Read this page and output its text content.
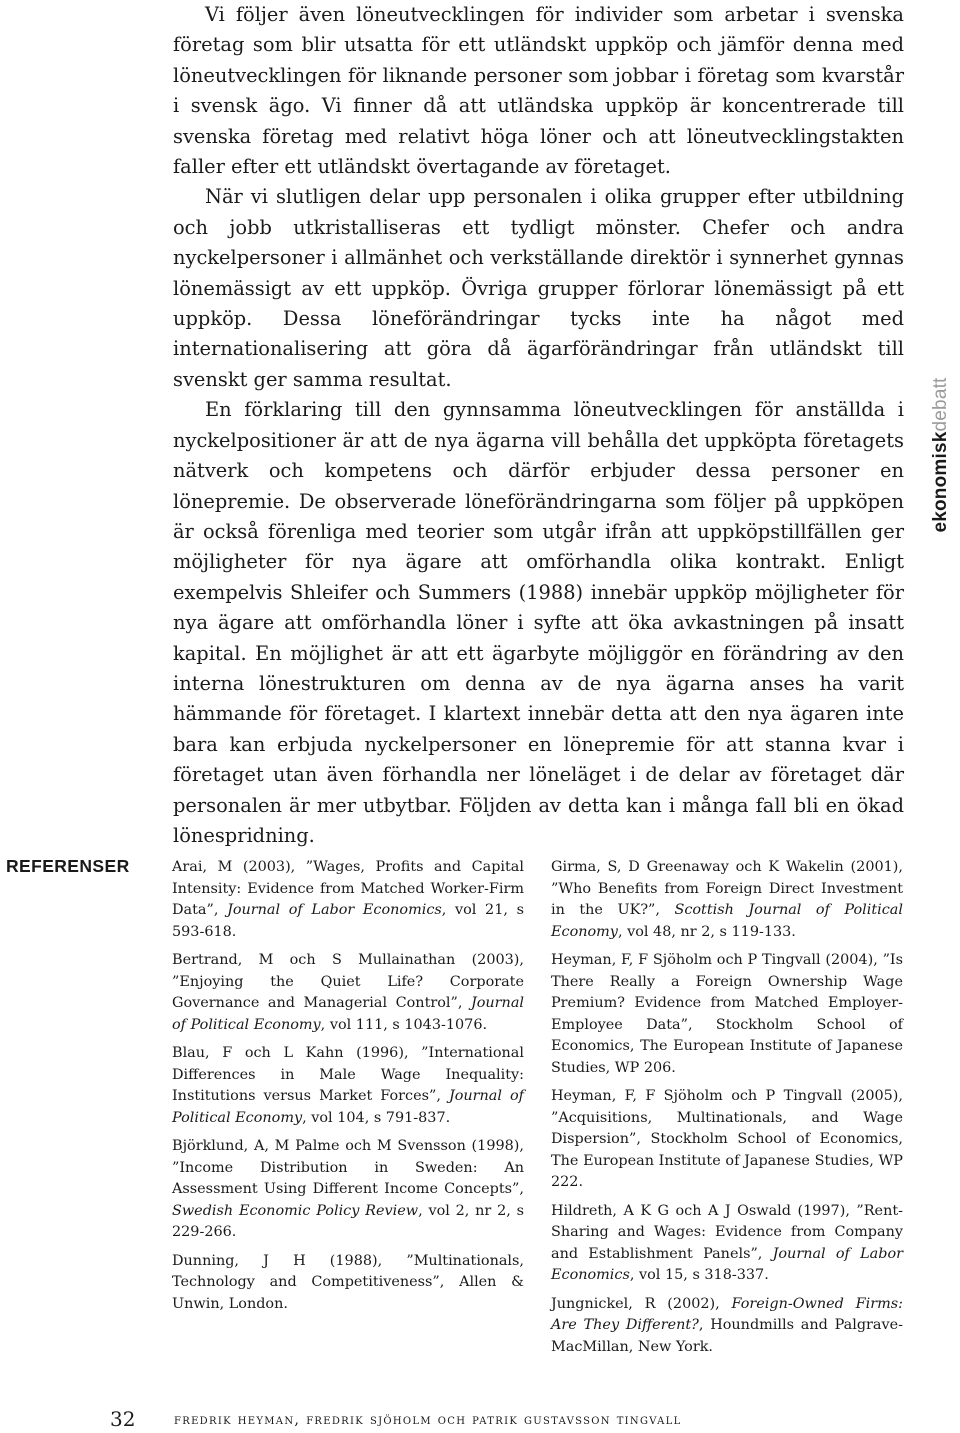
Vi följer även löneutvecklingen för individer som arbetar i svenska företag som blir utsatta för ett utländskt uppköp och jämför denna med löneutvecklingen för liknande personer som jobbar i företag som kvarstår i svensk ägo. Vi finner då att utländska uppköp är koncentrerade till svenska företag med relativt höga löner och att löneutvecklingstakten faller efter ett utländskt övertagande av företaget.

När vi slutligen delar upp personalen i olika grupper efter utbildning och jobb utkristalliseras ett tydligt mönster. Chefer och andra nyckelpersoner i allmänhet och verkställande direktör i synnerhet gynnas lönemässigt av ett uppköp. Övriga grupper förlorar lönemässigt på ett uppköp. Dessa löneförändringar tycks inte ha något med internationalisering att göra då ägarförändringar från utländskt till svenskt ger samma resultat.

En förklaring till den gynnsamma löneutvecklingen för anställda i nyckelpositioner är att de nya ägarna vill behålla det uppköpta företagets nätverk och kompetens och därför erbjuder dessa personer en lönepremie. De observerade löneförändringarna som följer på uppköpen är också förenliga med teorier som utgår ifrån att uppköpstillfällen ger möjligheter för nya ägare att omförhandla olika kontrakt. Enligt exempelvis Shleifer och Summers (1988) innebär uppköp möjligheter för nya ägare att omförhandla löner i syfte att öka avkastningen på insatt kapital. En möjlighet är att ett ägarbyte möjliggör en förändring av den interna lönestrukturen om denna av de nya ägarna anses ha varit hämmande för företaget. I klartext innebär detta att den nya ägaren inte bara kan erbjuda nyckelpersoner en lönepremie för att stanna kvar i företaget utan även förhandla ner löneläget i de delar av företaget där personalen är mer utbytbar. Följden av detta kan i många fall bli en ökad lönespridning.

ekonomiskdebatt
REFERENSER	Arai, M (2003), ”Wages, Profits and Capital Intensity: Evidence from Matched Worker-Firm Data”, Journal of Labor Economics, vol 21, s 593-618.

Bertrand, M och S Mullainathan (2003), ”Enjoying the Quiet Life? Corporate Governance and Managerial Control”, Journal of Political Economy, vol 111, s 1043-1076.

Blau, F och L Kahn (1996), ”International Differences in Male Wage Inequality: Institutions versus Market Forces”, Journal of Political Economy, vol 104, s 791-837.

Björklund, A, M Palme och M Svensson (1998), ”Income Distribution in Sweden: An Assessment Using Different Income Concepts”, Swedish Economic Policy Review, vol 2, nr 2, s 229-266.

Dunning, J H (1988), ”Multinationals, Technology and Competitiveness”, Allen & Unwin, London.

Girma, S, D Greenaway och K Wakelin (2001), ”Who Benefits from Foreign Direct Investment in the UK?”, Scottish Journal of Political Economy, vol 48, nr 2, s 119-133.

Heyman, F, F Sjöholm och P Tingvall (2004), ”Is There Really a Foreign Ownership Wage Premium? Evidence from Matched Employer-Employee Data”, Stockholm School of Economics, The European Institute of Japanese Studies, WP 206.

Heyman, F, F Sjöholm och P Tingvall (2005), ”Acquisitions, Multinationals, and Wage Dispersion”, Stockholm School of Economics, The European Institute of Japanese Studies, WP 222.

Hildreth, A K G och A J Oswald (1997), ”Rent-Sharing and Wages: Evidence from Company and Establishment Panels”, Journal of Labor Economics, vol 15, s 318-337.

Jungnickel, R (2002), Foreign-Owned Firms: Are They Different?, Houndmills and Palgrave-MacMillan, New York.

32	fredrik heyman, fredrik sjöholm och patrik gustavsson tingvall
